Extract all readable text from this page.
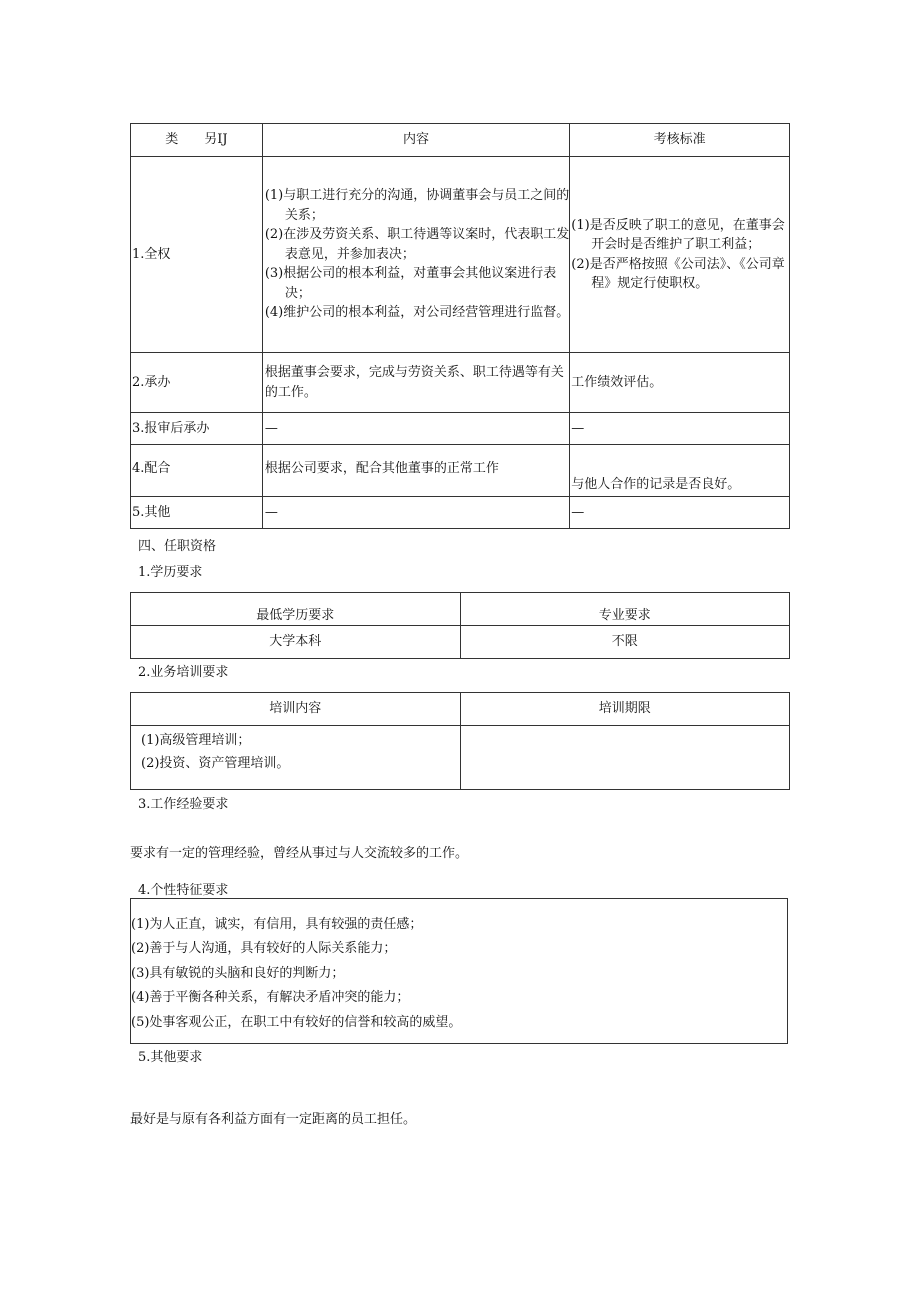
类　　另IJ	内容	考核标准
1.全权	(1)与职工进行充分的沟通，协调董事会与员工之间的关系；
(2)在涉及劳资关系、职工待遇等议案时，代表职工发表意见，并参加表决；
(3)根据公司的根本利益，对董事会其他议案进行表决；
(4)维护公司的根本利益，对公司经营管理进行监督。	(1)是否反映了职工的意见，在董事会开会时是否维护了职工利益；
(2)是否严格按照《公司法》、《公司章程》规定行使职权。

2.承办	根据董事会要求，完成与劳资关系、职工待遇等有关的工作。	工作绩效评估。
3.报审后承办	—	—
4.配合	根据公司要求，配合其他董事的正常工作	与他人合作的记录是否良好。
5.其他	—	—

四、任职资格

1.学历要求

最低学历要求	专业要求
大学本科	不限

2.业务培训要求

培训内容	培训期限

(1)高级管理培训；
(2)投资、资产管理培训。	

3.工作经验要求

要求有一定的管理经验，曾经从事过与人交流较多的工作。

4.个性特征要求

(1)为人正直，诚实，有信用，具有较强的责任感；
(2)善于与人沟通，具有较好的人际关系能力；
(3)具有敏锐的头脑和良好的判断力；
(4)善于平衡各种关系，有解决矛盾冲突的能力；
(5)处事客观公正，在职工中有较好的信誉和较高的威望。

5.其他要求

最好是与原有各利益方面有一定距离的员工担任。
